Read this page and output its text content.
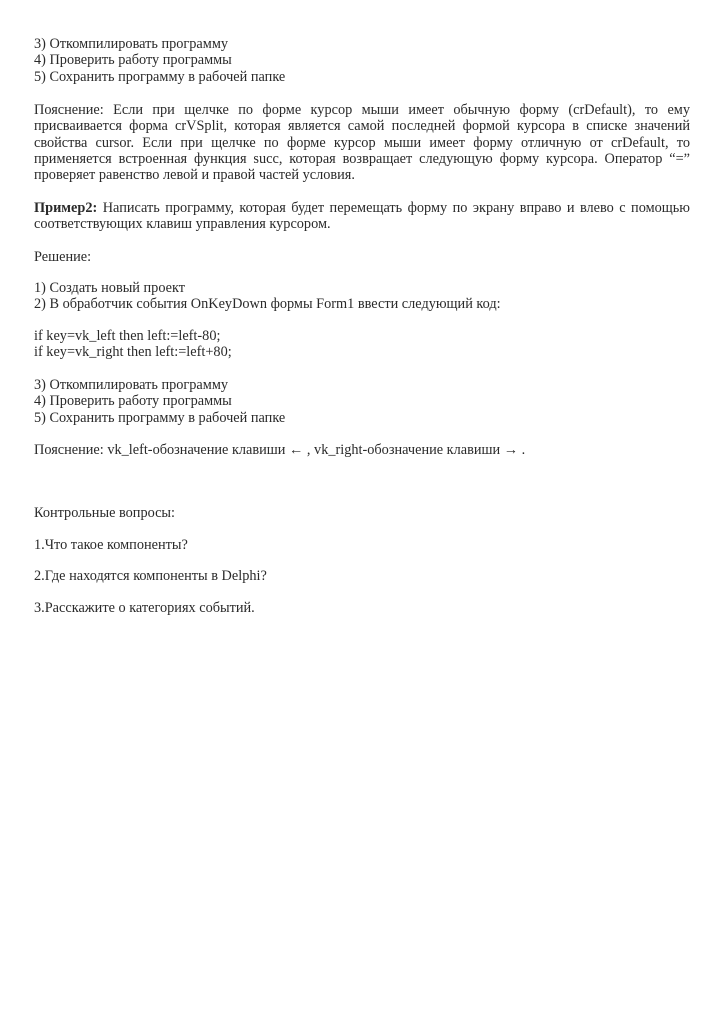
3) Откомпилировать программу
4) Проверить работу программы
5) Сохранить программу в рабочей папке
Пояснение: Если при щелчке по форме курсор мыши имеет обычную форму (crDefault), то ему
присваивается форма crVSplit, которая является самой последней формой курсора в списке значений
свойства cursor. Если при щелчке по форме курсор мыши имеет форму отличную от crDefault, то
применяется встроенная функция succ, которая возвращает следующую форму курсора. Оператор “=”
проверяет равенство левой и правой частей условия.
Пример2: Написать программу, которая будет перемещать форму по экрану вправо и влево с помощью
соответствующих клавиш управления курсором.
Решение:
1) Создать новый проект
2) В обработчик события OnKeyDown формы Form1 ввести следующий код:
if key=vk_left then left:=left-80;
if key=vk_right then left:=left+80;
3) Откомпилировать программу
4) Проверить работу программы
5) Сохранить программу в рабочей папке
Пояснение: vk_left-обозначение клавиши ← , vk_right-обозначение клавиши → .
Контрольные вопросы:
1.Что такое компоненты?
2.Где находятся компоненты в Delphi?
3.Расскажите о категориях событий.
